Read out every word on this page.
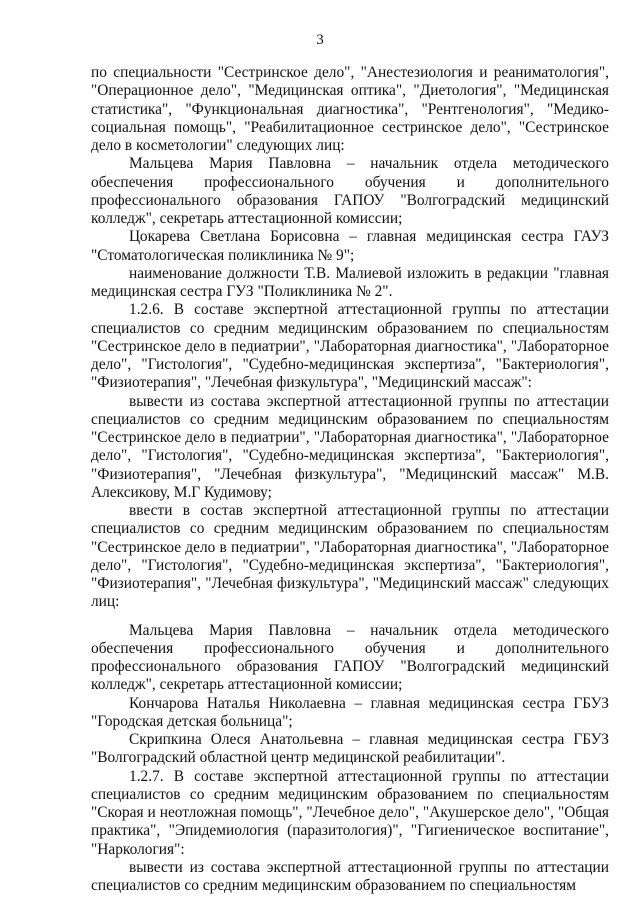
3

по специальности "Сестринское дело", "Анестезиология и реаниматология", "Операционное дело", "Медицинская оптика", "Диетология", "Медицинская статистика", "Функциональная диагностика", "Рентгенология", "Медико-социальная помощь", "Реабилитационное сестринское дело", "Сестринское дело в косметологии" следующих лиц:

Мальцева Мария Павловна – начальник отдела методического обеспечения профессионального обучения и дополнительного профессионального образования ГАПОУ "Волгоградский медицинский колледж", секретарь аттестационной комиссии;

Цокарева Светлана Борисовна – главная медицинская сестра ГАУЗ "Стоматологическая поликлиника № 9";

наименование должности Т.В. Малиевой изложить в редакции "главная медицинская сестра ГУЗ "Поликлиника № 2".

1.2.6. В составе экспертной аттестационной группы по аттестации специалистов со средним медицинским образованием по специальностям "Сестринское дело в педиатрии", "Лабораторная диагностика", "Лабораторное дело", "Гистология", "Судебно-медицинская экспертиза", "Бактериология", "Физиотерапия", "Лечебная физкультура", "Медицинский массаж":

вывести из состава экспертной аттестационной группы по аттестации специалистов со средним медицинским образованием по специальностям "Сестринское дело в педиатрии", "Лабораторная диагностика", "Лабораторное дело", "Гистология", "Судебно-медицинская экспертиза", "Бактериология", "Физиотерапия", "Лечебная физкультура", "Медицинский массаж" М.В. Алексикову, М.Г Кудимову;

ввести в состав экспертной аттестационной группы по аттестации специалистов со средним медицинским образованием по специальностям "Сестринское дело в педиатрии", "Лабораторная диагностика", "Лабораторное дело", "Гистология", "Судебно-медицинская экспертиза", "Бактериология", "Физиотерапия", "Лечебная физкультура", "Медицинский массаж" следующих лиц:

Мальцева Мария Павловна – начальник отдела методического обеспечения профессионального обучения и дополнительного профессионального образования ГАПОУ "Волгоградский медицинский колледж", секретарь аттестационной комиссии;

Кончарова Наталья Николаевна – главная медицинская сестра ГБУЗ "Городская детская больница";

Скрипкина Олеся Анатольевна – главная медицинская сестра ГБУЗ "Волгоградский областной центр медицинской реабилитации".

1.2.7. В составе экспертной аттестационной группы по аттестации специалистов со средним медицинским образованием по специальностям "Скорая и неотложная помощь", "Лечебное дело", "Акушерское дело", "Общая практика", "Эпидемиология (паразитология)", "Гигиеническое воспитание", "Наркология":

вывести из состава экспертной аттестационной группы по аттестации специалистов со средним медицинским образованием по специальностям
